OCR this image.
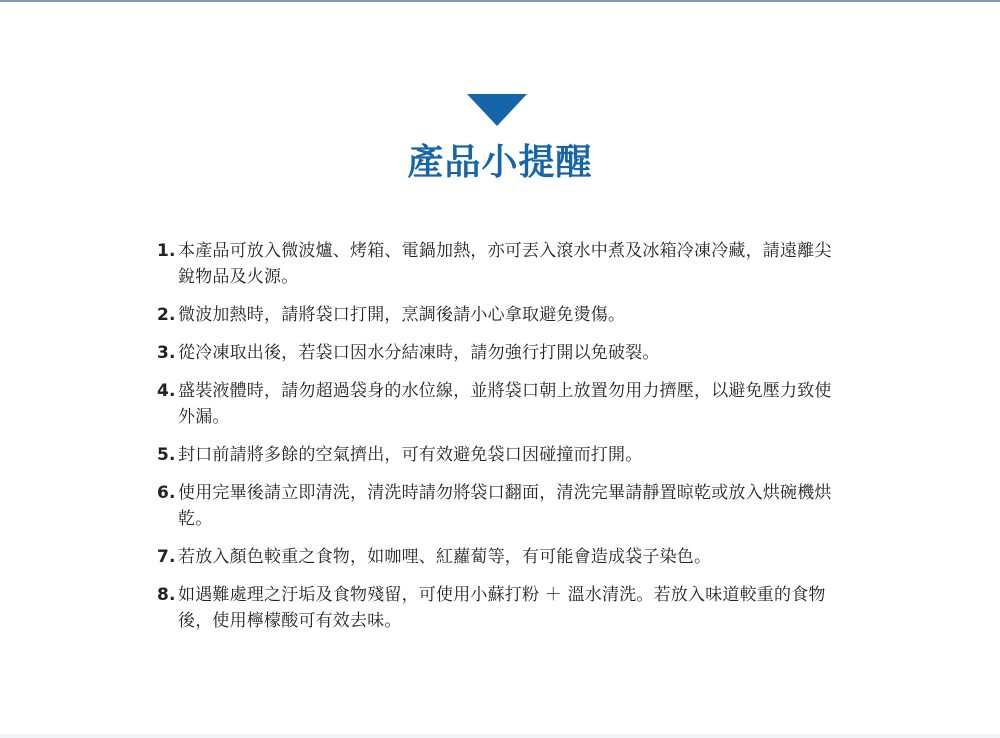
產品小提醒
1. 本產品可放入微波爐、烤箱、電鍋加熱，亦可丟入滾水中煮及冰箱冷凍冷藏，請遠離尖銳物品及火源。
2. 微波加熱時，請將袋口打開，烹調後請小心拿取避免燙傷。
3. 從冷凍取出後，若袋口因水分結凍時，請勿強行打開以免破裂。
4. 盛裝液體時，請勿超過袋身的水位線，並將袋口朝上放置勿用力擠壓，以避免壓力致使外漏。
5. 封口前請將多餘的空氣擠出，可有效避免袋口因碰撞而打開。
6. 使用完畢後請立即清洗，清洗時請勿將袋口翻面，清洗完畢請靜置晾乾或放入烘碗機烘乾。
7. 若放入顏色較重之食物，如咖哩、紅蘿蔔等，有可能會造成袋子染色。
8. 如遇難處理之汙垢及食物殘留，可使用小蘇打粉 ＋ 溫水清洗。若放入味道較重的食物後，使用檸檬酸可有效去味。
